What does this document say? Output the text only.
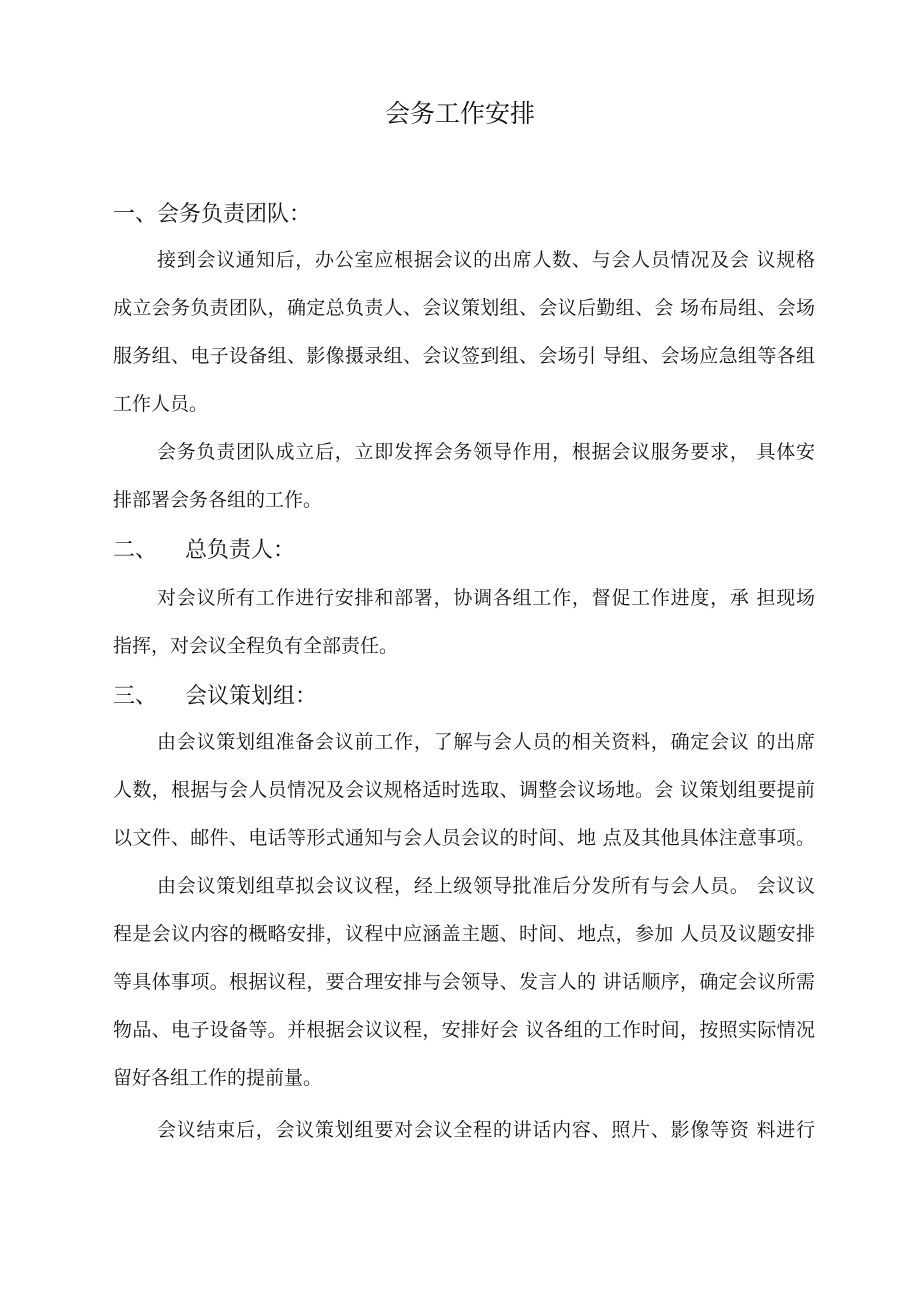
会务工作安排
一、会务负责团队：
接到会议通知后，办公室应根据会议的出席人数、与会人员情况及会 议规格
成立会务负责团队，确定总负责人、会议策划组、会议后勤组、会 场布局组、会场
服务组、电子设备组、影像摄录组、会议签到组、会场引 导组、会场应急组等各组
工作人员。
会务负责团队成立后，立即发挥会务领导作用，根据会议服务要求， 具体安
排部署会务各组的工作。
二、    总负责人：
对会议所有工作进行安排和部署，协调各组工作，督促工作进度，承 担现场
指挥，对会议全程负有全部责任。
三、    会议策划组：
由会议策划组准备会议前工作，了解与会人员的相关资料，确定会议 的出席
人数，根据与会人员情况及会议规格适时选取、调整会议场地。会 议策划组要提前
以文件、邮件、电话等形式通知与会人员会议的时间、地 点及其他具体注意事项。
由会议策划组草拟会议议程，经上级领导批准后分发所有与会人员。 会议议
程是会议内容的概略安排，议程中应涵盖主题、时间、地点，参加 人员及议题安排
等具体事项。根据议程，要合理安排与会领导、发言人的 讲话顺序，确定会议所需
物品、电子设备等。并根据会议议程，安排好会 议各组的工作时间，按照实际情况
留好各组工作的提前量。
会议结束后，会议策划组要对会议全程的讲话内容、照片、影像等资 料进行
